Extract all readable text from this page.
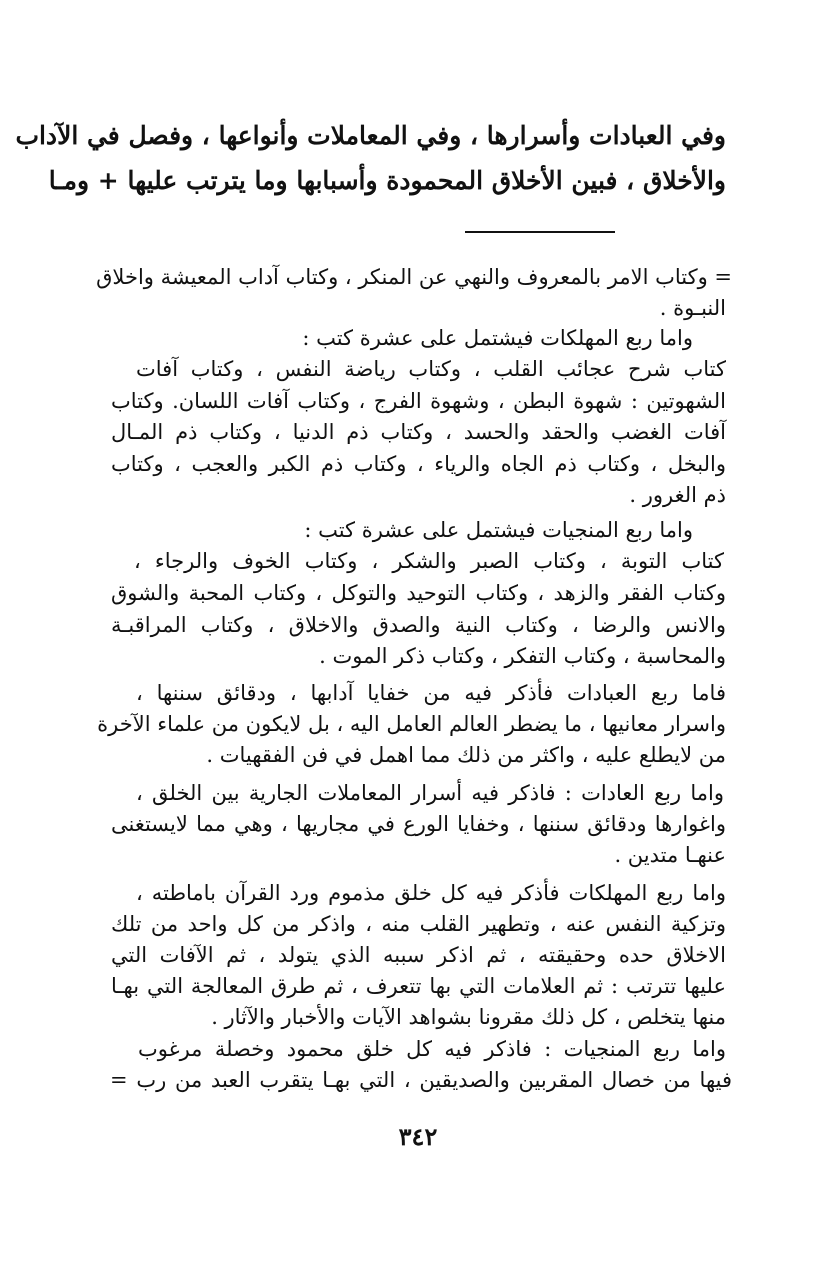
وفي العبادات وأسرارها ، وفي المعاملات وأنواعها ، وفصل في الآداب
والأخلاق ، فبين الأخلاق المحمودة وأسبابها وما يترتب عليها + ومـا
= وكتاب الامر بالمعروف والنهي عن المنكر ، وكتاب آداب المعيشة واخلاق
النبـوة .
واما ربع المهلكات فيشتمل على عشرة كتب :
كتاب شرح عجائب القلب ، وكتاب رياضة النفس ، وكتاب آفات
الشهوتين : شهوة البطن ، وشهوة الفرج ، وكتاب آفات اللسان. وكتاب
آفات الغضب والحقد والحسد ، وكتاب ذم الدنيا ، وكتاب ذم المـال
والبخل ، وكتاب ذم الجاه والرياء ، وكتاب ذم الكبر والعجب ، وكتاب
ذم الغرور .
واما ربع المنجيات فيشتمل على عشرة كتب :
كتاب التوبة ، وكتاب الصبر والشكر ، وكتاب الخوف والرجاء ،
وكتاب الفقر والزهد ، وكتاب التوحيد والتوكل ، وكتاب المحبة والشوق
والانس والرضا ، وكتاب النية والصدق والاخلاق ، وكتاب المراقبـة
والمحاسبة ، وكتاب التفكر ، وكتاب ذكر الموت .
فاما ربع العبادات فأذكر فيه من خفايا آدابها ، ودقائق سننها ،
واسرار معانيها ، ما يضطر العالم العامل اليه ، بل لايكون من علماء الآخرة
من لايطلع عليه ، واكثر من ذلك مما اهمل في فن الفقهيات .
واما ربع العادات : فاذكر فيه أسرار المعاملات الجارية بين الخلق ،
واغوارها ودقائق سننها ، وخفايا الورع في مجاريها ، وهي مما لايستغنى
عنهـا متدين .
واما ربع المهلكات فأذكر فيه كل خلق مذموم ورد القرآن باماطته ،
وتزكية النفس عنه ، وتطهير القلب منه ، واذكر من كل واحد من تلك
الاخلاق حده وحقيقته ، ثم اذكر سببه الذي يتولد ، ثم الآفات التي
عليها تترتب : ثم العلامات التي بها تتعرف ، ثم طرق المعالجة التي بهـا
منها يتخلص ، كل ذلك مقرونا بشواهد الآيات والأخبار والآثار .
واما ربع المنجيات : فاذكر فيه كل خلق محمود وخصلة مرغوب
فيها من خصال المقربين والصديقين ، التي بهـا يتقرب العبد من رب =
٣٤٢
